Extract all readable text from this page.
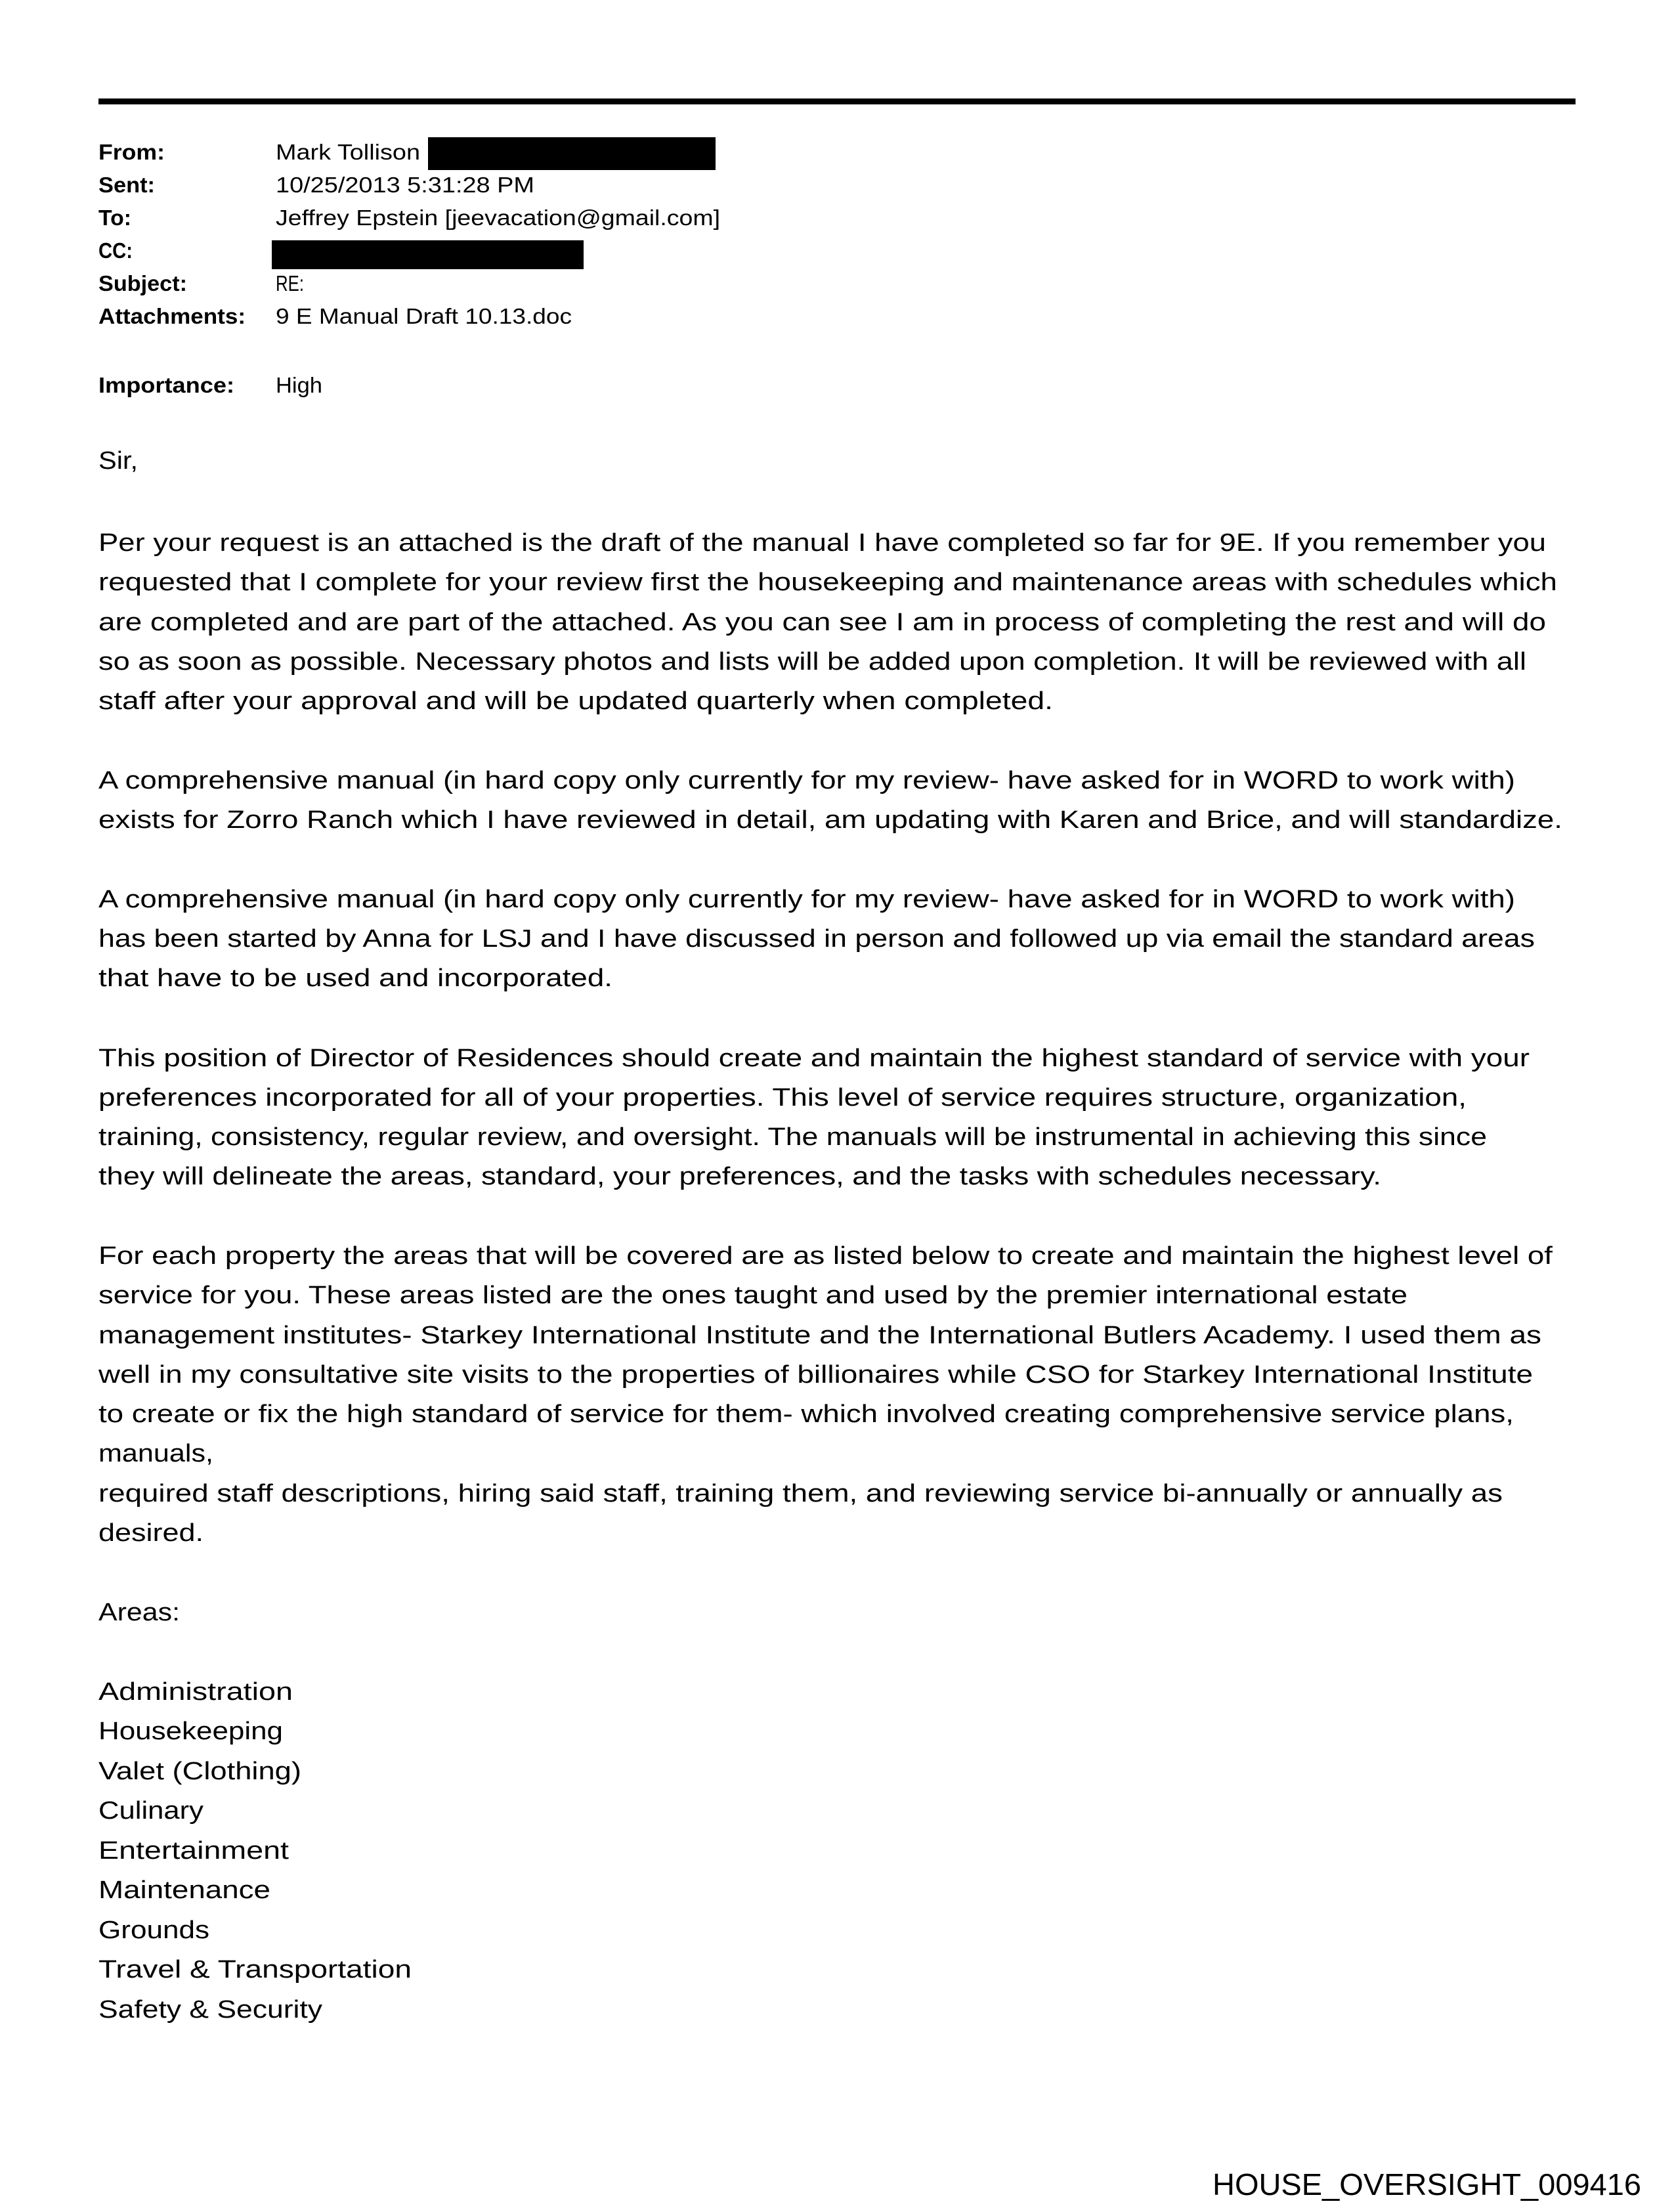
From:	Mark Tollison
Sent:	10/25/2013 5:31:28 PM
To:	Jeffrey Epstein [jeevacation@gmail.com]
CC:
Subject:	RE:
Attachments: 9 E Manual Draft 10.13.doc
Importance: High
Sir,
Per your request is an attached is the draft of the manual I have completed so far for 9E. If you remember you
requested that I complete for your review first the housekeeping and maintenance areas with schedules which
are completed and are part of the attached. As you can see I am in process of completing the rest and will do
so as soon as possible. Necessary photos and lists will be added upon completion. It will be reviewed with all
staff after your approval and will be updated quarterly when completed.
A comprehensive manual (in hard copy only currently for my review- have asked for in WORD to work with)
exists for Zorro Ranch which I have reviewed in detail, am updating with Karen and Brice, and will standardize.
A comprehensive manual (in hard copy only currently for my review- have asked for in WORD to work with)
has been started by Anna for LSJ and I have discussed in person and followed up via email the standard areas
that have to be used and incorporated.
This position of Director of Residences should create and maintain the highest standard of service with your
preferences incorporated for all of your properties. This level of service requires structure, organization,
training, consistency, regular review, and oversight. The manuals will be instrumental in achieving this since
they will delineate the areas, standard, your preferences, and the tasks with schedules necessary.
For each property the areas that will be covered are as listed below to create and maintain the highest level of
service for you. These areas listed are the ones taught and used by the premier international estate
management institutes- Starkey International Institute and the International Butlers Academy. I used them as
well in my consultative site visits to the properties of billionaires while CSO for Starkey International Institute
to create or fix the high standard of service for them- which involved creating comprehensive service plans,
manuals,
required staff descriptions, hiring said staff, training them, and reviewing service bi-annually or annually as
desired.
Areas:
Administration
Housekeeping
Valet (Clothing)
Culinary
Entertainment
Maintenance
Grounds
Travel & Transportation
Safety & Security
HOUSE_OVERSIGHT_009416
